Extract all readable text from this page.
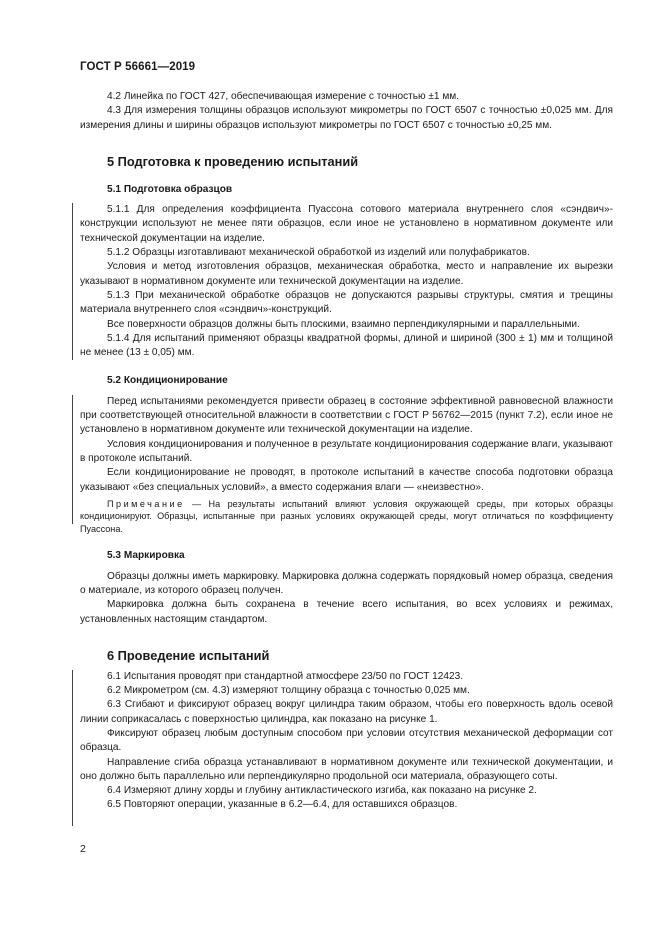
ГОСТ Р 56661—2019

4.2 Линейка по ГОСТ 427, обеспечивающая измерение с точностью ±1 мм.

4.3 Для измерения толщины образцов используют микрометры по ГОСТ 6507 с точностью ±0,025 мм. Для измерения длины и ширины образцов используют микрометры по ГОСТ 6507 с точностью ±0,25 мм.

5 Подготовка к проведению испытаний
5.1 Подготовка образцов

5.1.1 Для определения коэффициента Пуассона сотового материала внутреннего слоя «сэндвич»-конструкции используют не менее пяти образцов, если иное не установлено в нормативном документе или технической документации на изделие.

5.1.2 Образцы изготавливают механической обработкой из изделий или полуфабрикатов.

Условия и метод изготовления образцов, механическая обработка, место и направление их вырезки указывают в нормативном документе или технической документации на изделие.

5.1.3 При механической обработке образцов не допускаются разрывы структуры, смятия и трещины материала внутреннего слоя «сэндвич»-конструкций.

Все поверхности образцов должны быть плоскими, взаимно перпендикулярными и параллельными.

5.1.4 Для испытаний применяют образцы квадратной формы, длиной и шириной (300 ± 1) мм и толщиной не менее (13 ± 0,05) мм.

5.2 Кондиционирование

Перед испытаниями рекомендуется привести образец в состояние эффективной равновесной влажности при соответствующей относительной влажности в соответствии с ГОСТ Р 56762—2015 (пункт 7.2), если иное не установлено в нормативном документе или технической документации на изделие.

Условия кондиционирования и полученное в результате кондиционирования содержание влаги, указывают в протоколе испытаний.

Если кондиционирование не проводят, в протоколе испытаний в качестве способа подготовки образца указывают «без специальных условий», а вместо содержания влаги — «неизвестно».

Примечание — На результаты испытаний влияют условия окружающей среды, при которых образцы кондиционируют. Образцы, испытанные при разных условиях окружающей среды, могут отличаться по коэффициенту Пуассона.

5.3 Маркировка

Образцы должны иметь маркировку. Маркировка должна содержать порядковый номер образца, сведения о материале, из которого образец получен.

Маркировка должна быть сохранена в течение всего испытания, во всех условиях и режимах, установленных настоящим стандартом.

6 Проведение испытаний

6.1 Испытания проводят при стандартной атмосфере 23/50 по ГОСТ 12423.

6.2 Микрометром (см. 4.3) измеряют толщину образца с точностью 0,025 мм.

6.3 Сгибают и фиксируют образец вокруг цилиндра таким образом, чтобы его поверхность вдоль осевой линии соприкасалась с поверхностью цилиндра, как показано на рисунке 1.

Фиксируют образец любым доступным способом при условии отсутствия механической деформации сот образца.

Направление сгиба образца устанавливают в нормативном документе или технической документации, и оно должно быть параллельно или перпендикулярно продольной оси материала, образующего соты.

6.4 Измеряют длину хорды и глубину антикластического изгиба, как показано на рисунке 2.

6.5 Повторяют операции, указанные в 6.2—6.4, для оставшихся образцов.

2
